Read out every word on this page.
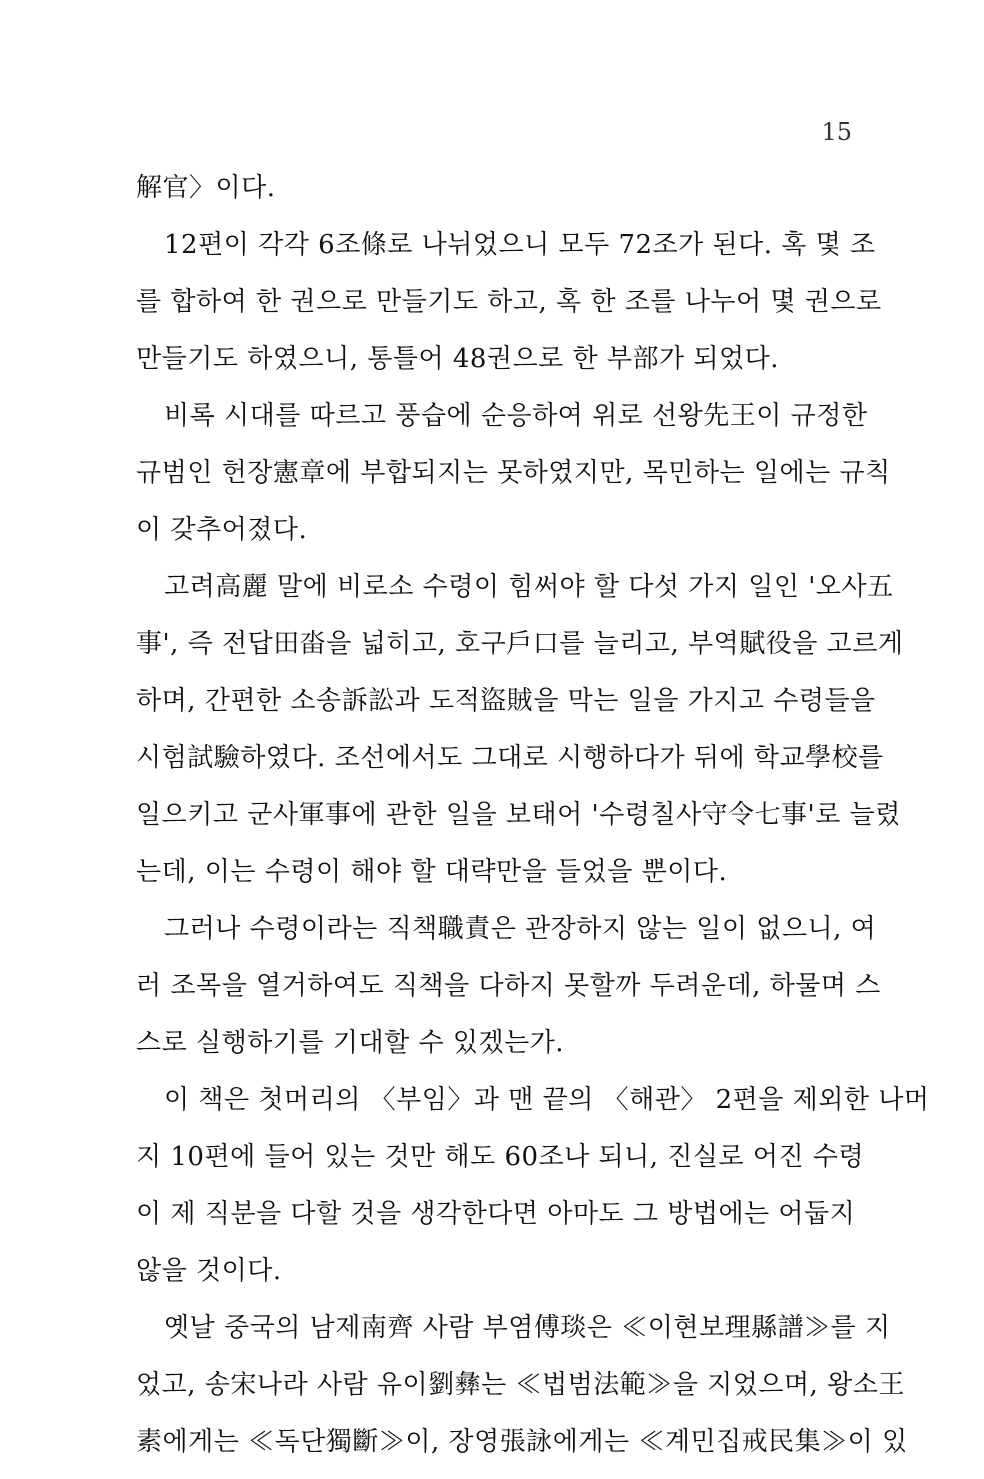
15
解官〉이다.
12편이 각각 6조條로 나뉘었으니 모두 72조가 된다. 혹 몇 조
를 합하여 한 권으로 만들기도 하고, 혹 한 조를 나누어 몇 권으로
만들기도 하였으니, 통틀어 48권으로 한 부部가 되었다.
비록 시대를 따르고 풍습에 순응하여 위로 선왕先王이 규정한
규범인 헌장憲章에 부합되지는 못하였지만, 목민하는 일에는 규칙
이 갖추어졌다.
고려高麗 말에 비로소 수령이 힘써야 할 다섯 가지 일인 '오사五
事', 즉 전답田畓을 넓히고, 호구戶口를 늘리고, 부역賦役을 고르게
하며, 간편한 소송訴訟과 도적盜賊을 막는 일을 가지고 수령들을
시험試驗하였다. 조선에서도 그대로 시행하다가 뒤에 학교學校를
일으키고 군사軍事에 관한 일을 보태어 '수령칠사守令七事'로 늘렸
는데, 이는 수령이 해야 할 대략만을 들었을 뿐이다.
그러나 수령이라는 직책職責은 관장하지 않는 일이 없으니, 여
러 조목을 열거하여도 직책을 다하지 못할까 두려운데, 하물며 스
스로 실행하기를 기대할 수 있겠는가.
이 책은 첫머리의 〈부임〉과 맨 끝의 〈해관〉 2편을 제외한 나머
지 10편에 들어 있는 것만 해도 60조나 되니, 진실로 어진 수령
이 제 직분을 다할 것을 생각한다면 아마도 그 방법에는 어둡지
않을 것이다.
옛날 중국의 남제南齊 사람 부염傅琰은 ≪이현보理縣譜≫를 지
었고, 송宋나라 사람 유이劉彝는 ≪법범法範≫을 지었으며, 왕소王
素에게는 ≪독단獨斷≫이, 장영張詠에게는 ≪계민집戒民集≫이 있
